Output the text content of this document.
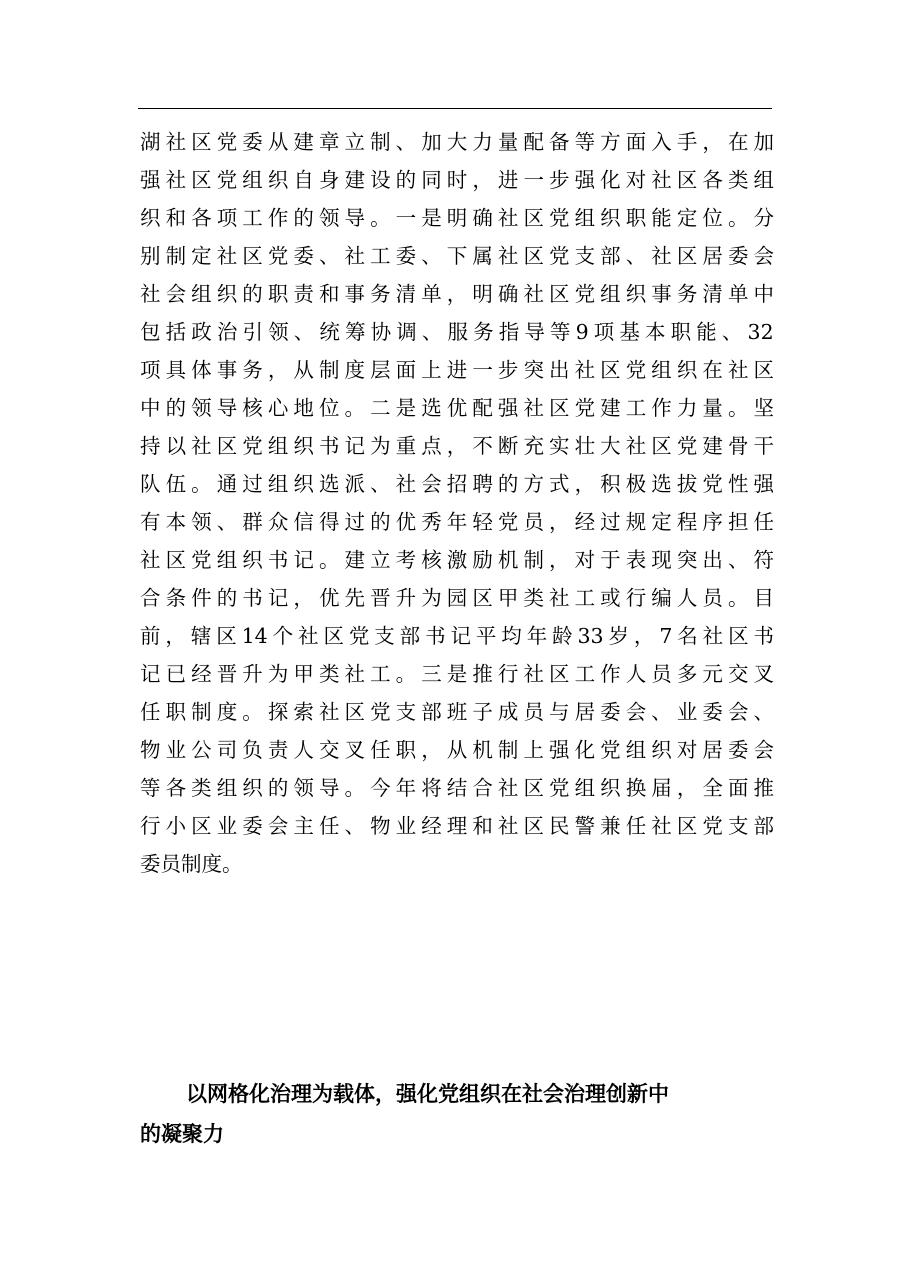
湖 社 区 党 委 从 建 章 立 制 、 加 大 力 量 配 备 等 方 面 入 手 ， 在 加
强 社 区 党 组 织 自 身 建 设 的 同 时 ， 进 一 步 强 化 对 社 区 各 类 组
织 和 各 项 工 作 的 领 导 。 一 是 明 确 社 区 党 组 织 职 能 定 位 。 分
别 制 定 社 区 党 委 、 社 工 委 、 下 属 社 区 党 支 部 、 社 区 居 委 会
社 会 组 织 的 职 责 和 事 务 清 单 ， 明 确 社 区 党 组 织 事 务 清 单 中
包 括 政 治 引 领 、 统 筹 协 调 、 服 务 指 导 等 9 项 基 本 职 能 、 32
项 具 体 事 务 ， 从 制 度 层 面 上 进 一 步 突 出 社 区 党 组 织 在 社 区
中 的 领 导 核 心 地 位 。 二 是 选 优 配 强 社 区 党 建 工 作 力 量 。 坚
持 以 社 区 党 组 织 书 记 为 重 点 ， 不 断 充 实 壮 大 社 区 党 建 骨 干
队 伍 。 通 过 组 织 选 派 、 社 会 招 聘 的 方 式 ， 积 极 选 拔 党 性 强
有 本 领 、 群 众 信 得 过 的 优 秀 年 轻 党 员 ， 经 过 规 定 程 序 担 任
社 区 党 组 织 书 记 。 建 立 考 核 激 励 机 制 ， 对 于 表 现 突 出 、 符
合 条 件 的 书 记 ， 优 先 晋 升 为 园 区 甲 类 社 工 或 行 编 人 员 。 目
前 ， 辖 区 14 个 社 区 党 支 部 书 记 平 均 年 龄 33 岁 ， 7 名 社 区 书
记 已 经 晋 升 为 甲 类 社 工 。 三 是 推 行 社 区 工 作 人 员 多 元 交 叉
任 职 制 度 。 探 索 社 区 党 支 部 班 子 成 员 与 居 委 会 、 业 委 会 、
物 业 公 司 负 责 人 交 叉 任 职 ， 从 机 制 上 强 化 党 组 织 对 居 委 会
等 各 类 组 织 的 领 导 。 今 年 将 结 合 社 区 党 组 织 换 届 ， 全 面 推
行 小 区 业 委 会 主 任 、 物 业 经 理 和 社 区 民 警 兼 任 社 区 党 支 部
委员制度。
以网格化治理为载体，强化党组织在社会治理创新中
的凝聚力
